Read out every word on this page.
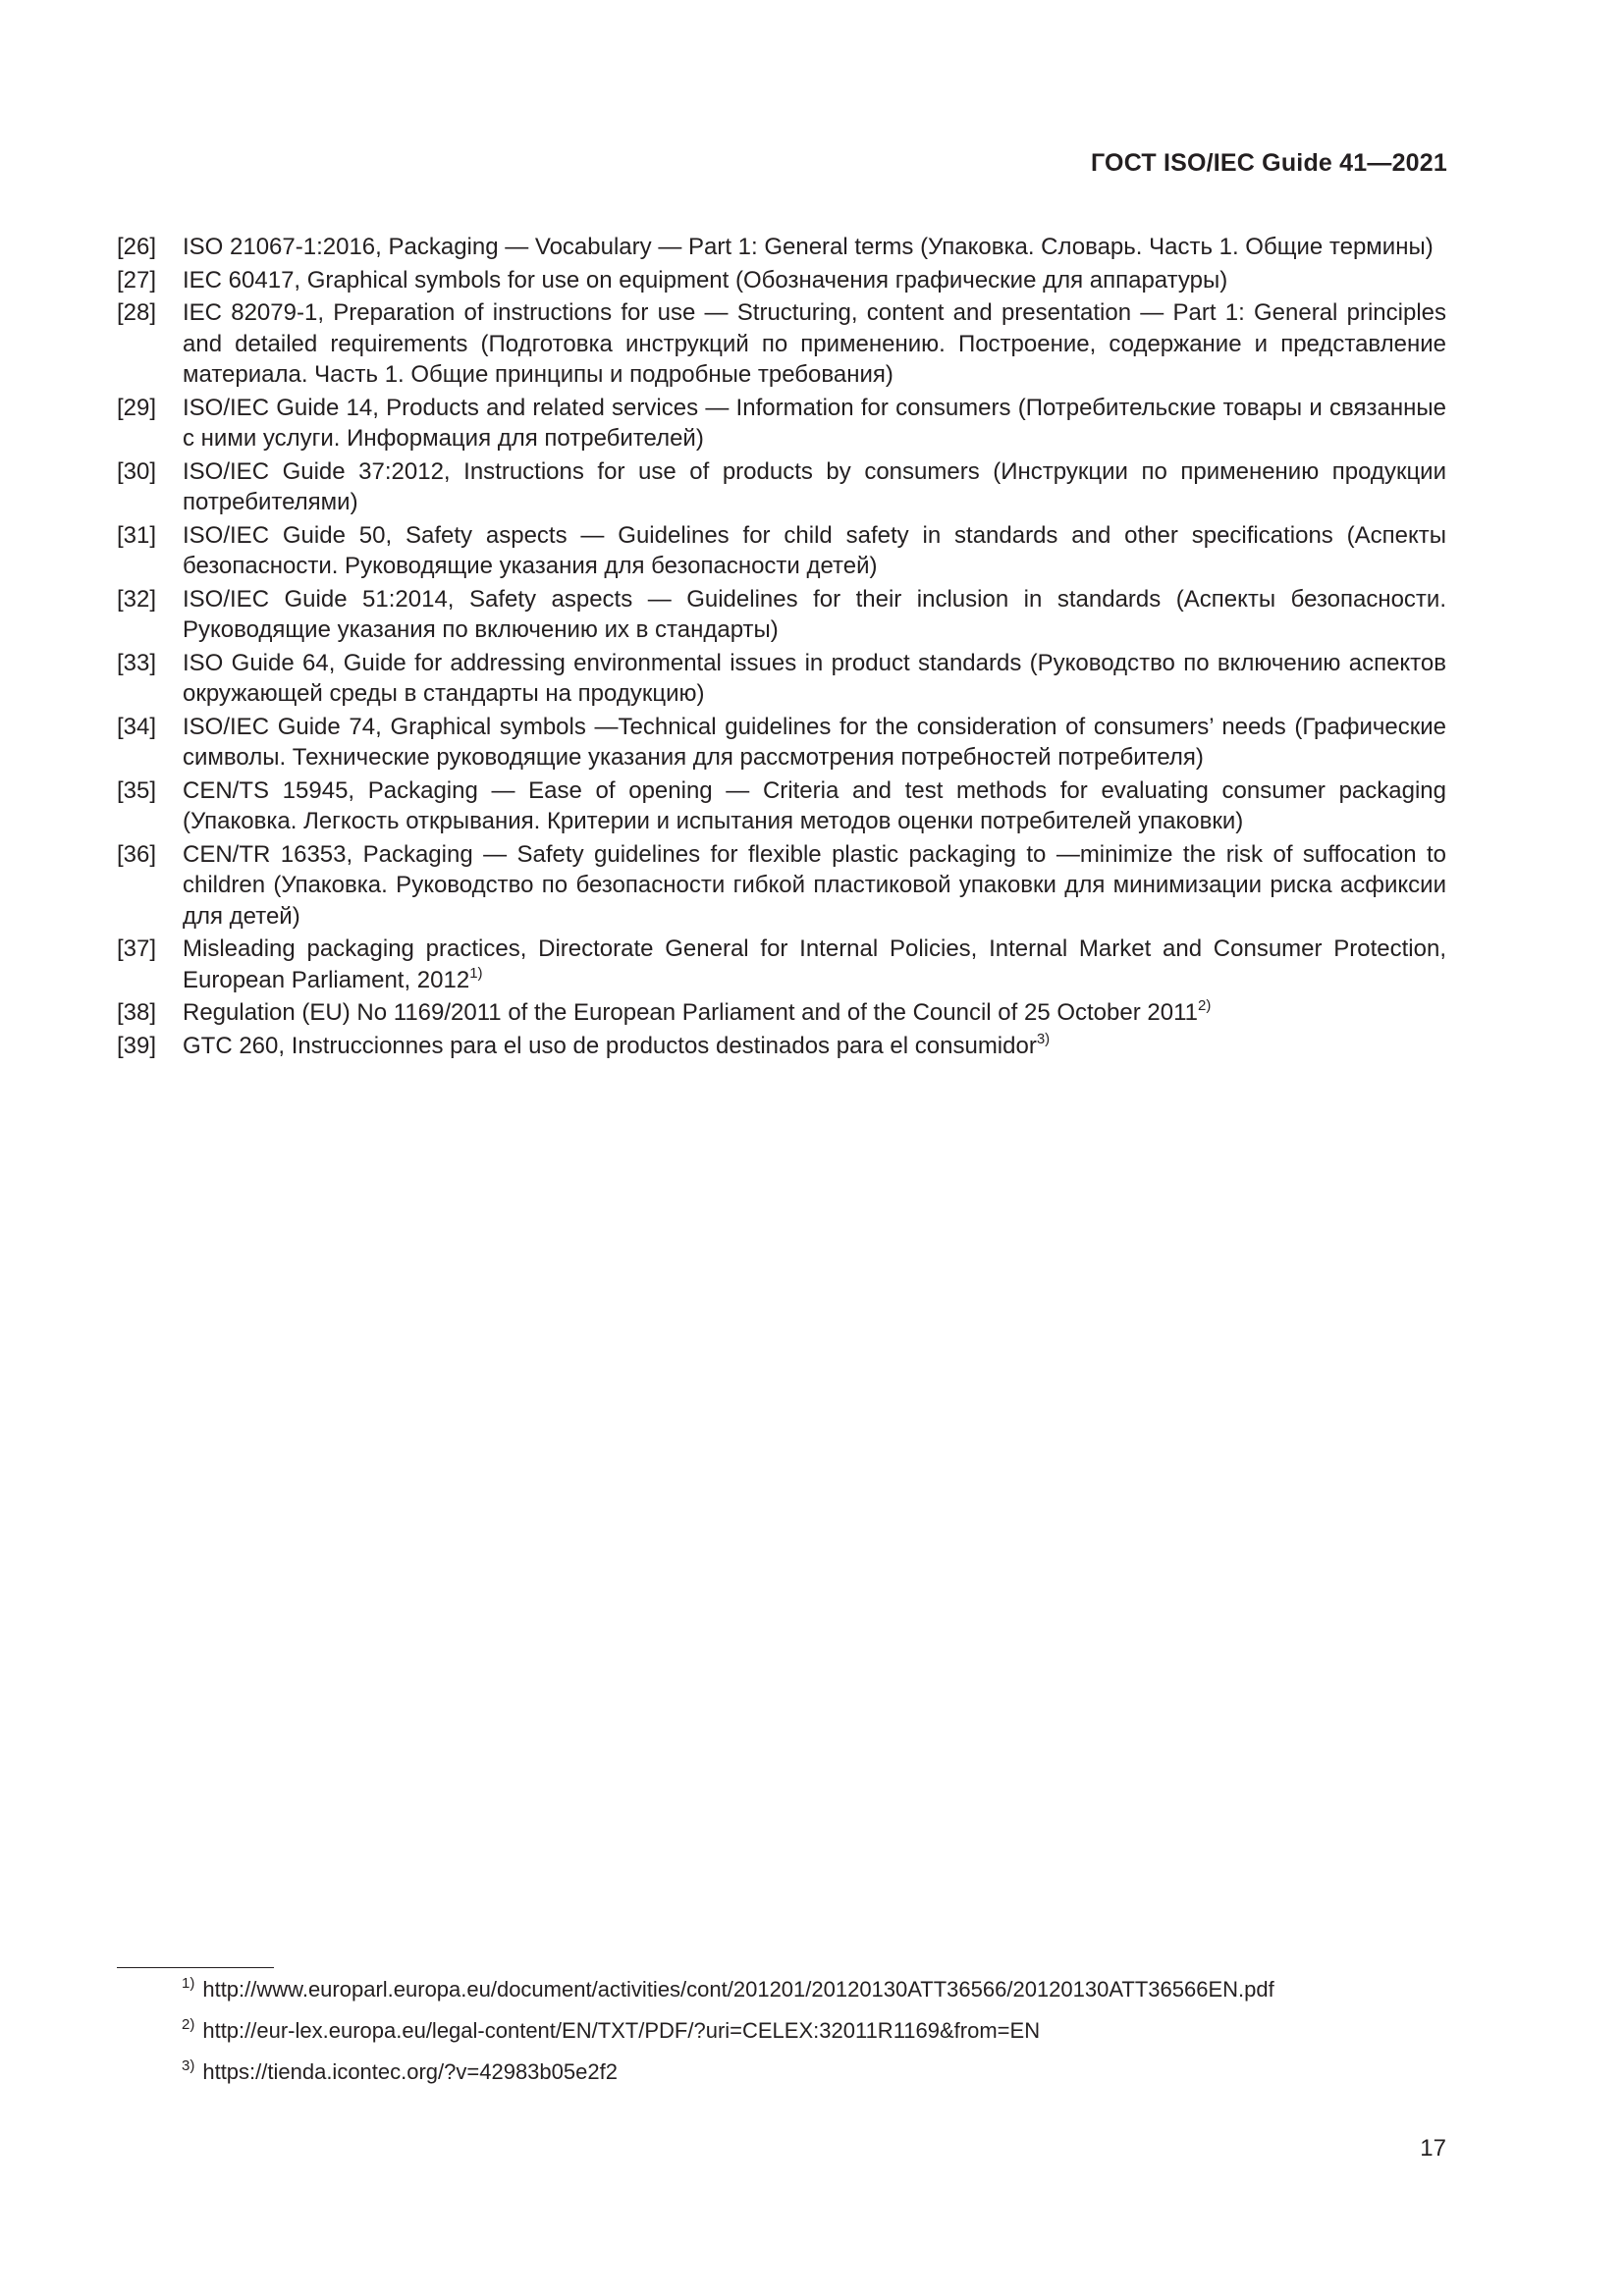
ГОСТ ISO/IEC Guide 41—2021
[26]	ISO 21067-1:2016, Packaging — Vocabulary — Part 1: General terms (Упаковка. Словарь. Часть 1. Общие термины)
[27]	IEC 60417, Graphical symbols for use on equipment (Обозначения графические для аппаратуры)
[28]	IEC 82079-1, Preparation of instructions for use — Structuring, content and presentation — Part 1: General principles and detailed requirements (Подготовка инструкций по применению. Построение, содержание и представление материала. Часть 1. Общие принципы и подробные требования)
[29]	ISO/IEC Guide 14, Products and related services — Information for consumers (Потребительские товары и связанные с ними услуги. Информация для потребителей)
[30]	ISO/IEC Guide 37:2012, Instructions for use of products by consumers (Инструкции по применению продукции потребителями)
[31]	ISO/IEC Guide 50, Safety aspects — Guidelines for child safety in standards and other specifications (Аспекты безопасности. Руководящие указания для безопасности детей)
[32]	ISO/IEC Guide 51:2014, Safety aspects — Guidelines for their inclusion in standards (Аспекты безопасности. Руководящие указания по включению их в стандарты)
[33]	ISO Guide 64, Guide for addressing environmental issues in product standards (Руководство по включению аспектов окружающей среды в стандарты на продукцию)
[34]	ISO/IEC Guide 74, Graphical symbols —Technical guidelines for the consideration of consumers’ needs (Графические символы. Технические руководящие указания для рассмотрения потребностей потребителя)
[35]	CEN/TS 15945, Packaging — Ease of opening — Criteria and test methods for evaluating consumer packaging (Упаковка. Легкость открывания. Критерии и испытания методов оценки потребителей упаковки)
[36]	CEN/TR 16353, Packaging — Safety guidelines for flexible plastic packaging to —minimize the risk of suffocation to children (Упаковка. Руководство по безопасности гибкой пластиковой упаковки для минимизации риска асфиксии для детей)
[37]	Misleading packaging practices, Directorate General for Internal Policies, Internal Market and Consumer Protection, European Parliament, 2012$^{1)}$
[38]	Regulation (EU) No 1169/2011 of the European Parliament and of the Council of 25 October 2011$^{2)}$
[39]	GTC 260, Instruccionnes para el uso de productos destinados para el consumidor$^{3)}$
$^{1)}$ http://www.europarl.europa.eu/document/activities/cont/201201/20120130ATT36566/20120130ATT36566EN.pdf
$^{2)}$ http://eur-lex.europa.eu/legal-content/EN/TXT/PDF/?uri=CELEX:32011R1169&from=EN
$^{3)}$ https://tienda.icontec.org/?v=42983b05e2f2
17
